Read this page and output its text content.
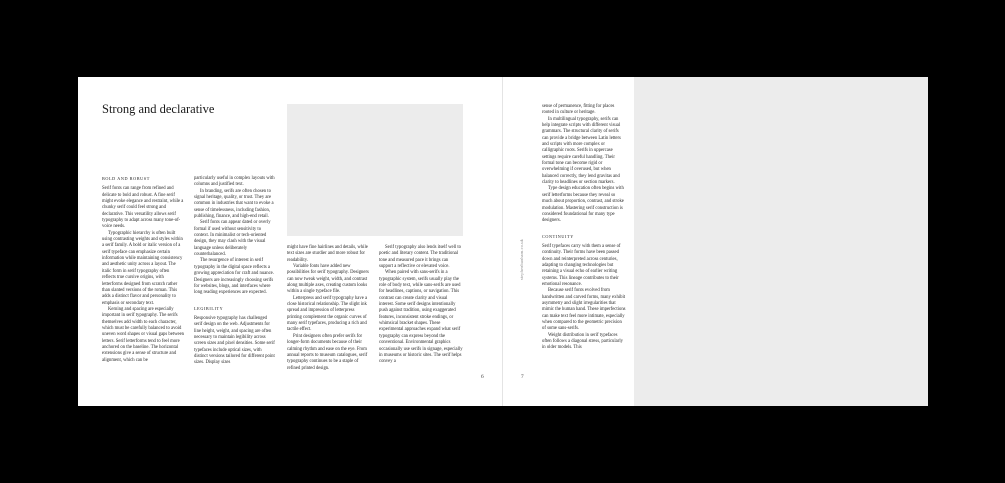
Strong and declarative
BOLD AND ROBUST

Serif fonts can range from refined and delicate to bold and robust. A fine serif might evoke elegance and restraint, while a chunky serif could feel strong and declarative. This versatility allows serif typography to adapt across many tone-of-voice needs.

Typographic hierarchy is often built using contrasting weights and styles within a serif family. A bold or italic version of a serif typeface can emphasize certain information while maintaining consistency and aesthetic unity across a layout. The italic form in serif typography often reflects true cursive origins, with letterforms designed from scratch rather than slanted versions of the roman. This adds a distinct flavor and personality to emphasis or secondary text.

Kerning and spacing are especially important in serif typography. The serifs themselves add width to each character, which must be carefully balanced to avoid uneven word shapes or visual gaps between letters. Serif letterforms tend to feel more anchored on the baseline. The horizontal extensions give a sense of structure and alignment, which can be

particularly useful in complex layouts with columns and justified text.

In branding, serifs are often chosen to signal heritage, quality, or trust. They are common in industries that want to evoke a sense of timelessness, including fashion, publishing, finance, and high-end retail.

Serif fonts can appear dated or overly formal if used without sensitivity to context. In minimalist or tech-oriented design, they may clash with the visual language unless deliberately counterbalanced.

The resurgence of interest in serif typography in the digital space reflects a growing appreciation for craft and nuance. Designers are increasingly choosing serifs for websites, blogs, and interfaces where long reading experiences are expected.

LEGIBILITY

Responsive typography has challenged serif design on the web. Adjustments for line height, weight, and spacing are often necessary to maintain legibility across screen sizes and pixel densities. Some serif typefaces include optical sizes, with distinct versions tailored for different point sizes. Display sizes

might have fine hairlines and details, while text sizes are sturdier and more robust for readability.

Variable fonts have added new possibilities for serif typography. Designers can now tweak weight, width, and contrast along multiple axes, creating custom looks within a single typeface file.

Letterpress and serif typography have a close historical relationship. The slight ink spread and impression of letterpress printing complement the organic curves of many serif typefaces, producing a rich and tactile effect.

Print designers often prefer serifs for longer-form documents because of their calming rhythm and ease on the eye. From annual reports to museum catalogues, serif typography continues to be a staple of refined printed design.

Serif typography also lends itself well to poetic and literary content. The traditional tone and measured pace it brings can support a reflective or elevated voice.

When paired with sans-serifs in a typographic system, serifs usually play the role of body text, while sans-serifs are used for headlines, captions, or navigation. This contrast can create clarity and visual interest. Some serif designs intentionally push against tradition, using exaggerated features, inconsistent stroke endings, or whimsical bracket shapes. These experimental approaches expand what serif typography can express beyond the conventional. Environmental graphics occasionally use serifs in signage, especially in museums or historic sites. The serif helps convey a

sense of permanence, fitting for places rooted in culture or heritage.

In multilingual typography, serifs can help integrate scripts with different visual grammars. The structural clarity of serifs can provide a bridge between Latin letters and scripts with more complex or calligraphic roots. Serifs in uppercase settings require careful handling. Their formal tone can become rigid or overwhelming if overused, but when balanced correctly, they lend gravitas and clarity to headlines or section markers.

Type design education often begins with serif letterforms because they reveal so much about proportion, contrast, and stroke modulation. Mastering serif construction is considered foundational for many type designers.

CONTINUITY

Serif typefaces carry with them a sense of continuity. Their forms have been passed down and reinterpreted across centuries, adapting to changing technologies but retaining a visual echo of earlier writing systems. This lineage contributes to their emotional resonance.

Because serif fonts evolved from handwritten and carved forms, many exhibit asymmetry and slight irregularities that mimic the human hand. These imperfections can make text feel more intimate, especially when compared to the geometric precision of some sans-serifs.

Weight distribution in serif typefaces often follows a diagonal stress, particularly in older models. This

6	7
stephenbanham.co.uk
